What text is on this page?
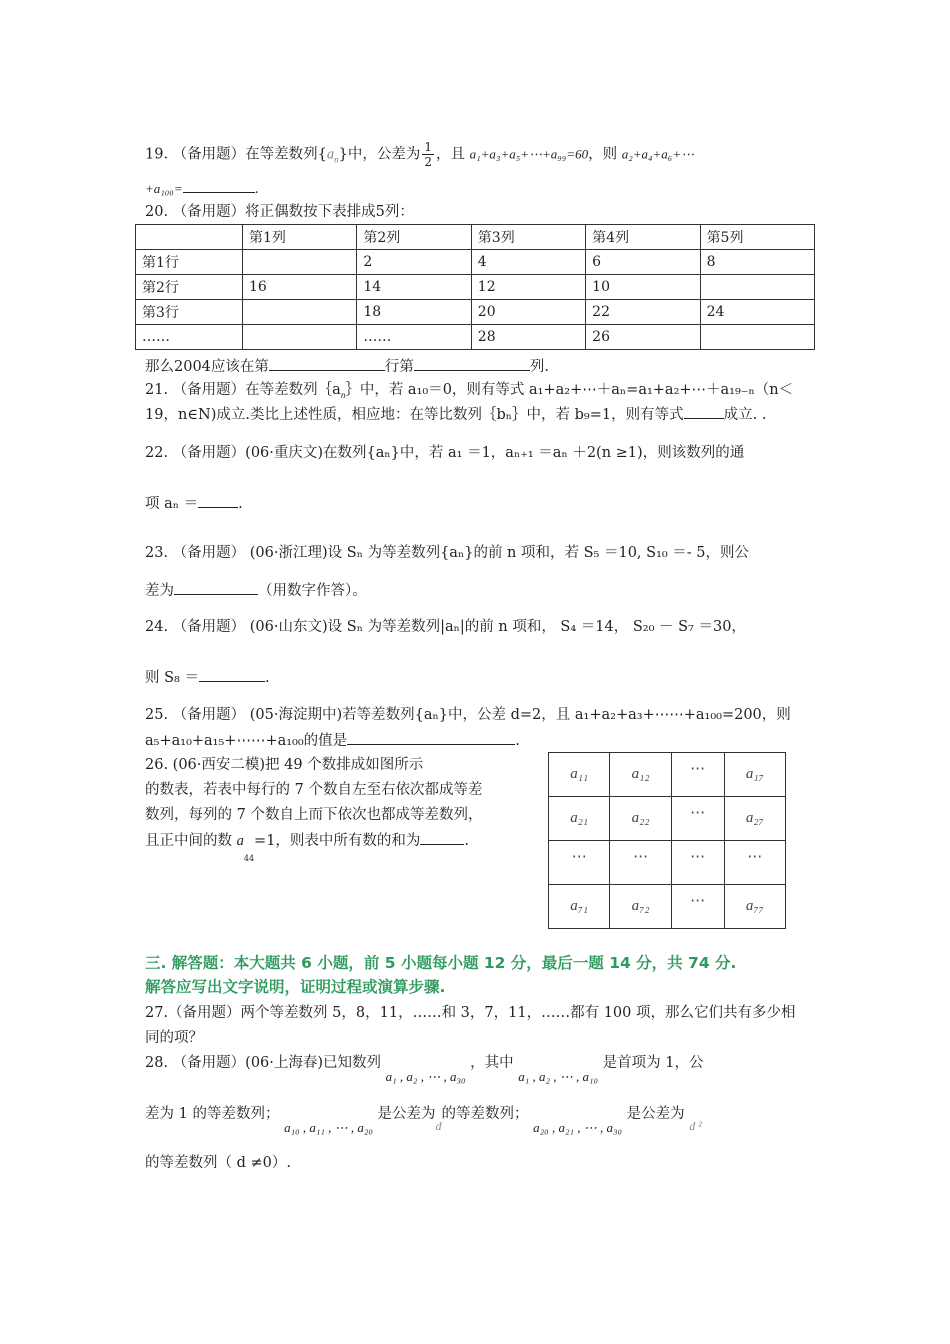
19. （备用题）在等差数列$\{a_n\}$中，公差为 $\frac{1}{2}$ ，且 a₁+a₃+a₅+⋯+a₉₉=60，则 a₂+a₄+a₆+⋯
+a₁₀₀=	.
20. （备用题）将正偶数按下表排成5列：
	第1列	第2列	第3列	第4列	第5列
第1行		2	4	6	8
第2行	16	14	12	10	
第3行		18	20	22	24
……		……	28	26	
那么2004应该在第	行第	列.
21. （备用题）在等差数列$\{a_n\}$中，若 a₁₀＝0，则有等式 a₁+a₂+⋯＋aₙ=a₁+a₂+⋯＋a₁₉₋ₙ（n＜
19，n∈N)成立.类比上述性质，相应地：在等比数列｛bₙ｝中，若 b₉=1，则有等式	成立. .
22. （备用题）(06·重庆文)在数列{aₙ}中，若 a₁ ＝1，aₙ₊₁ ＝aₙ ＋2(n ≥1)，则该数列的通
项 aₙ ＝	.
23. （备用题） (06·浙江理)设 Sₙ 为等差数列{aₙ}的前 n 项和，若 S₅ ＝10, S₁₀ ＝- 5，则公
差为	（用数字作答）。
24. （备用题） (06·山东文)设 Sₙ 为等差数列|aₙ|的前 n 项和， S₄ ＝14， S₂₀ － S₇ ＝30，
则 S₈ ＝	.
25. （备用题） (05·海淀期中)若等差数列{aₙ}中，公差 d=2，且 a₁+a₂+a₃+⋯⋯+a₁₀₀=200，则
a₅+a₁₀+a₁₅+⋯⋯+a₁₀₀的值是	.
26. (06·西安二模)把 49 个数排成如图所示
的数表，若表中每行的 7 个数自左至右依次都成等差
数列，每列的 7 个数自上而下依次也都成等差数列，
且正中间的数 $a_{44}=1$，则表中所有数的和为	.
a₁₁	a₁₂	⋯	a₁₇
a₂₁	a₂₂	⋯	a₂₇
⋯	⋯	⋯	⋯
a₇₁	a₇₂	⋯	a₇₇
三. 解答题：本大题共 6 小题，前 5 小题每小题 12 分，最后一题 14 分，共 74 分.
解答应写出文字说明，证明过程或演算步骤.
27.（备用题）两个等差数列 5，8，11，……和 3，7，11，……都有 100 项，那么它们共有多少相
同的项？
28. （备用题）(06·上海春)已知数列 a₁ , a₂ , ⋯ , a₃₀ ，其中 a₁ , a₂ , ⋯ , a₁₀ 是首项为 1，公
差为 1 的等差数列； a₁₀ , a₁₁ , ⋯ , a₂₀ 是公差为$_d$的等差数列； a₂₀ , a₂₁ , ⋯ , a₃₀ 是公差为 $_{d ^2}$
的等差数列（ d ≠0）.
